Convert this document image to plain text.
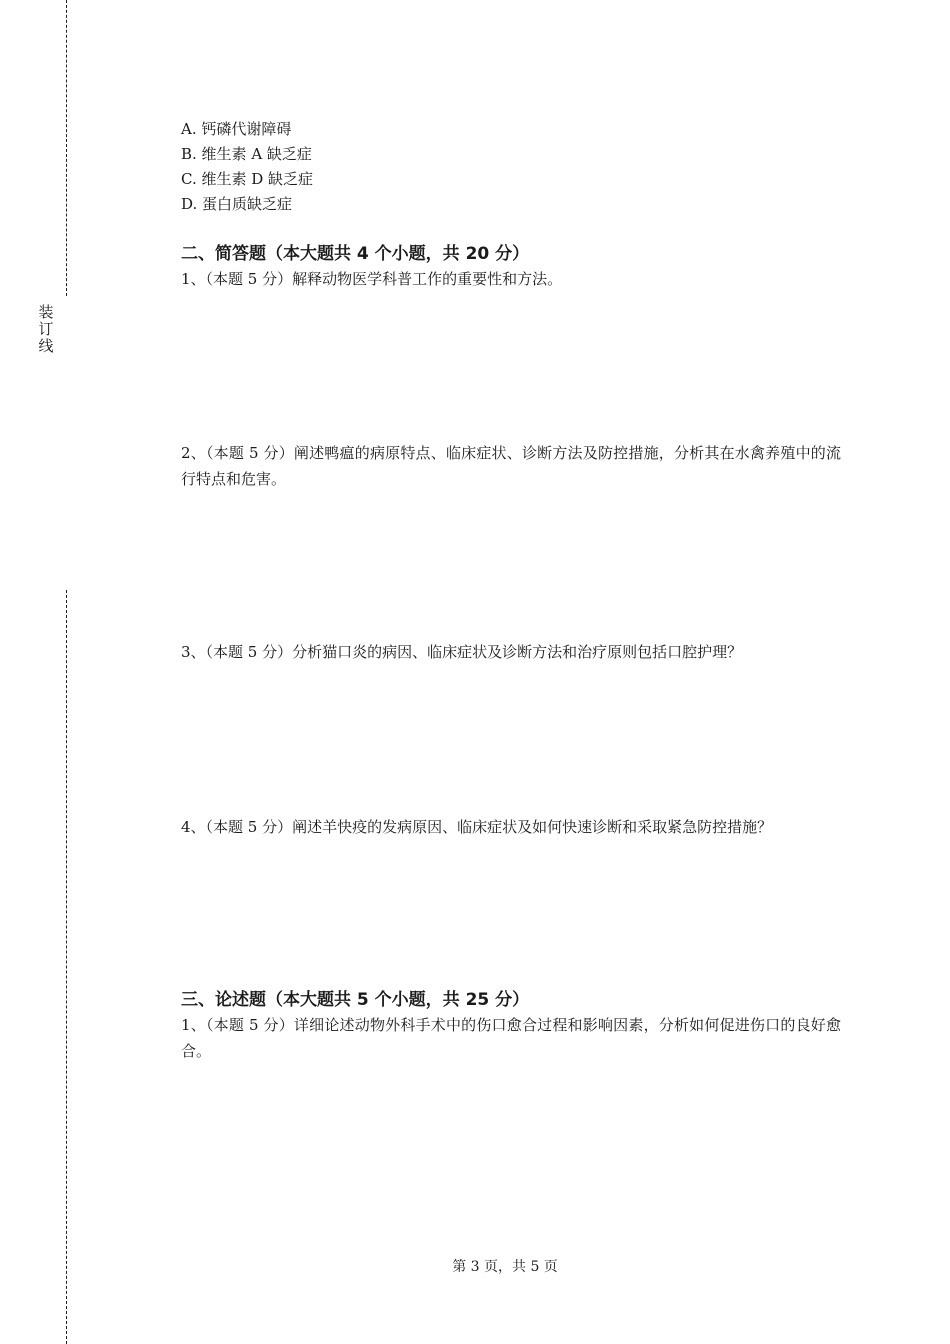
装
订
线
A. 钙磷代谢障碍
B. 维生素 A 缺乏症
C. 维生素 D 缺乏症
D. 蛋白质缺乏症
二、简答题（本大题共 4 个小题，共 20 分）
1、（本题 5 分）解释动物医学科普工作的重要性和方法。
2、（本题 5 分）阐述鸭瘟的病原特点、临床症状、诊断方法及防控措施，分析其在水禽养殖中的流行特点和危害。
3、（本题 5 分）分析猫口炎的病因、临床症状及诊断方法和治疗原则包括口腔护理？
4、（本题 5 分）阐述羊快疫的发病原因、临床症状及如何快速诊断和采取紧急防控措施？
三、论述题（本大题共 5 个小题，共 25 分）
1、（本题 5 分）详细论述动物外科手术中的伤口愈合过程和影响因素，分析如何促进伤口的良好愈合。
第 3 页，共 5 页
